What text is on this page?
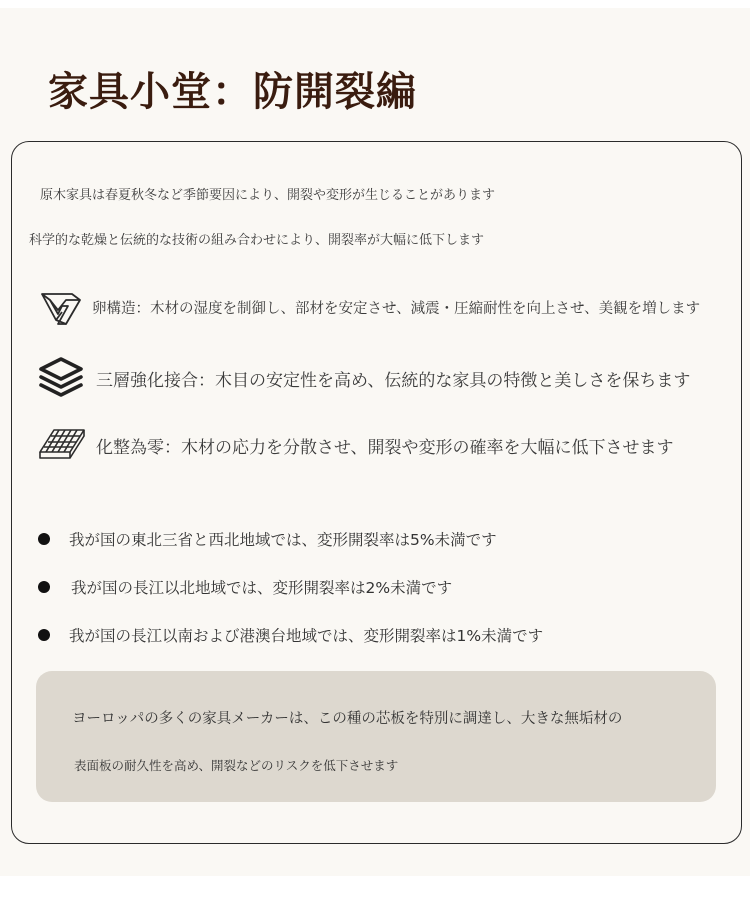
家具小堂：防開裂編
原木家具は春夏秋冬など季節要因により、開裂や変形が生じることがあります
科学的な乾燥と伝統的な技術の組み合わせにより、開裂率が大幅に低下します
卵構造：木材の湿度を制御し、部材を安定させ、減震・圧縮耐性を向上させ、美観を増します
三層強化接合：木目の安定性を高め、伝統的な家具の特徴と美しさを保ちます
化整為零：木材の応力を分散させ、開裂や変形の確率を大幅に低下させます
我が国の東北三省と西北地域では、変形開裂率は5%未満です
我が国の長江以北地域では、変形開裂率は2%未満です
我が国の長江以南および港澳台地域では、変形開裂率は1%未満です
ヨーロッパの多くの家具メーカーは、この種の芯板を特別に調達し、大きな無垢材の
表面板の耐久性を高め、開裂などのリスクを低下させます
